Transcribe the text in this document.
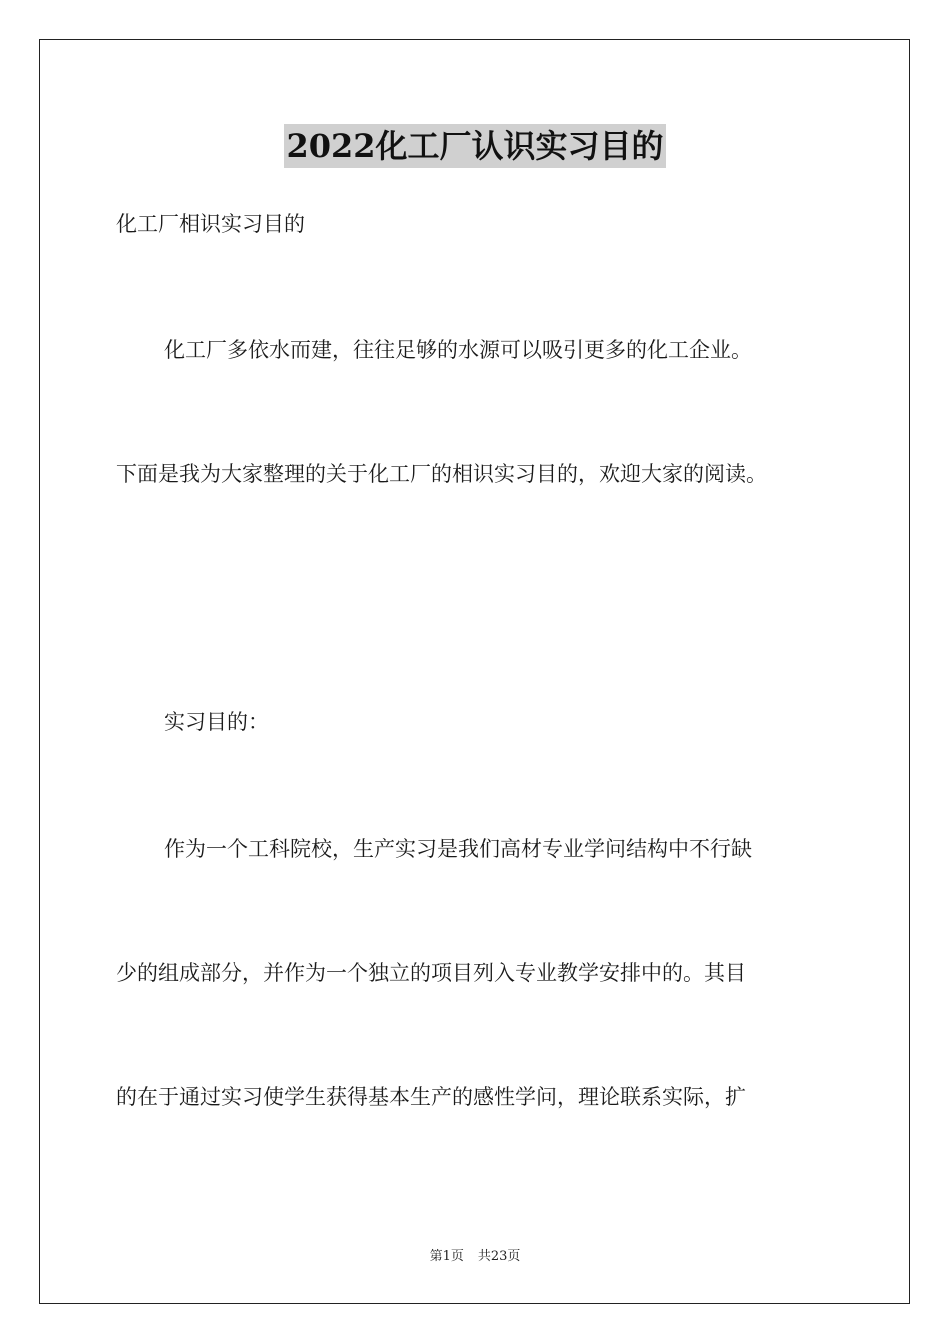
2022化工厂认识实习目的
化工厂相识实习目的
化工厂多依水而建，往往足够的水源可以吸引更多的化工企业。
下面是我为大家整理的关于化工厂的相识实习目的，欢迎大家的阅读。
实习目的：
作为一个工科院校，生产实习是我们高材专业学问结构中不行缺
少的组成部分，并作为一个独立的项目列入专业教学安排中的。其目
的在于通过实习使学生获得基本生产的感性学问，理论联系实际，扩
第1页 共23页
